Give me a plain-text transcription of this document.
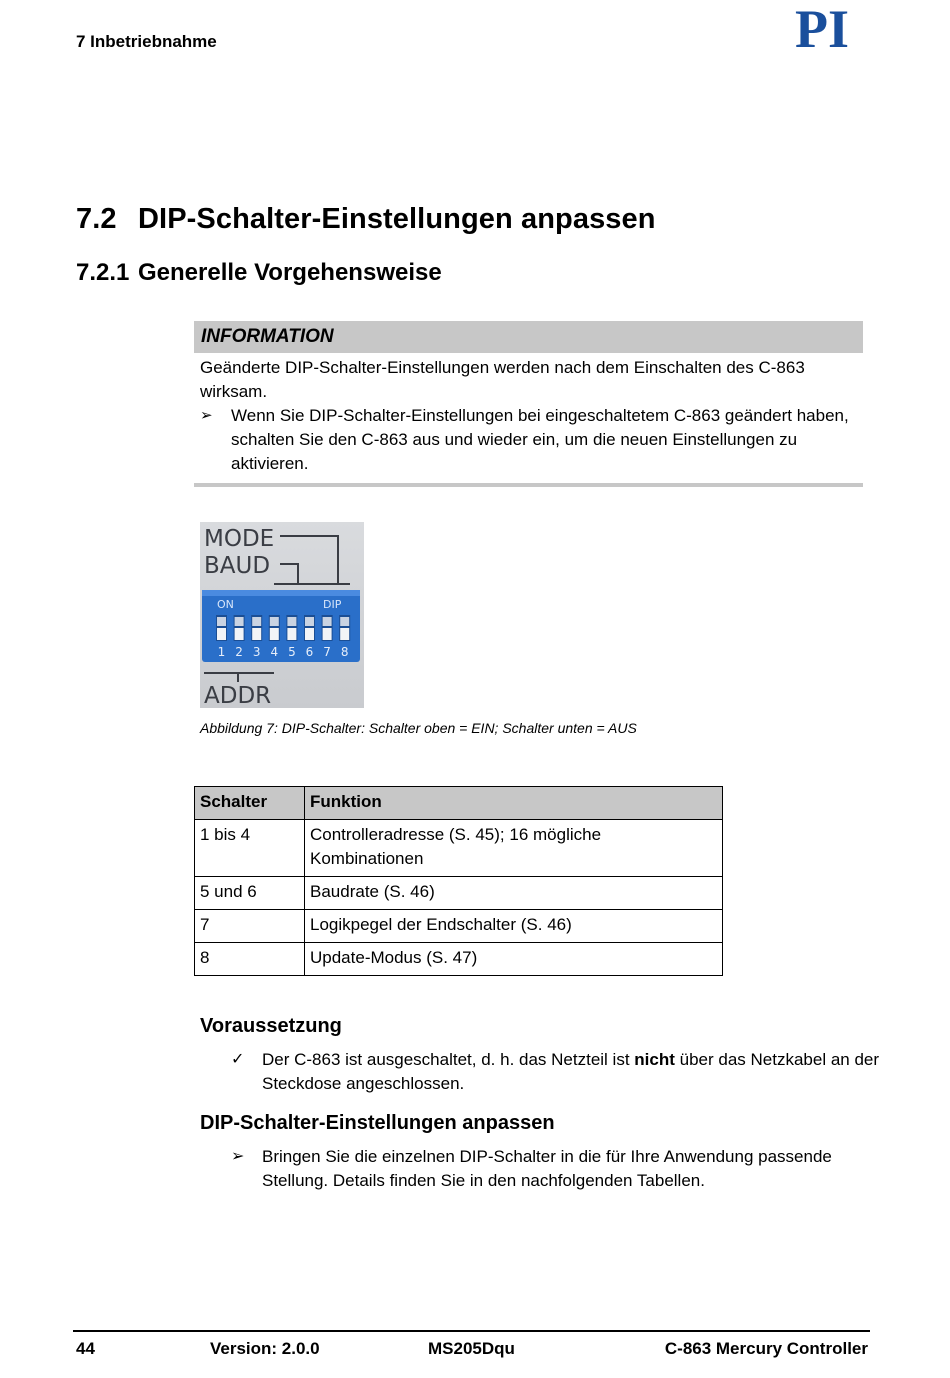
7 Inbetriebnahme	PI
7.2 DIP-Schalter-Einstellungen anpassen
7.2.1 Generelle Vorgehensweise
INFORMATION
Geänderte DIP-Schalter-Einstellungen werden nach dem Einschalten des C-863 wirksam.
➢ Wenn Sie DIP-Schalter-Einstellungen bei eingeschaltetem C-863 geändert haben, schalten Sie den C-863 aus und wieder ein, um die neuen Einstellungen zu aktivieren.
MODE
BAUD
ON	DIP
1 2 3 4 5 6 7 8
ADDR
Abbildung 7: DIP-Schalter: Schalter oben = EIN; Schalter unten = AUS
Schalter	Funktion
1 bis 4	Controlleradresse (S. 45); 16 mögliche Kombinationen
5 und 6	Baudrate (S. 46)
7	Logikpegel der Endschalter (S. 46)
8	Update-Modus (S. 47)
Voraussetzung
✓	Der C-863 ist ausgeschaltet, d. h. das Netzteil ist nicht über das Netzkabel an der Steckdose angeschlossen.
DIP-Schalter-Einstellungen anpassen
➢	Bringen Sie die einzelnen DIP-Schalter in die für Ihre Anwendung passende Stellung. Details finden Sie in den nachfolgenden Tabellen.
44	Version: 2.0.0	MS205Dqu	C-863 Mercury Controller
